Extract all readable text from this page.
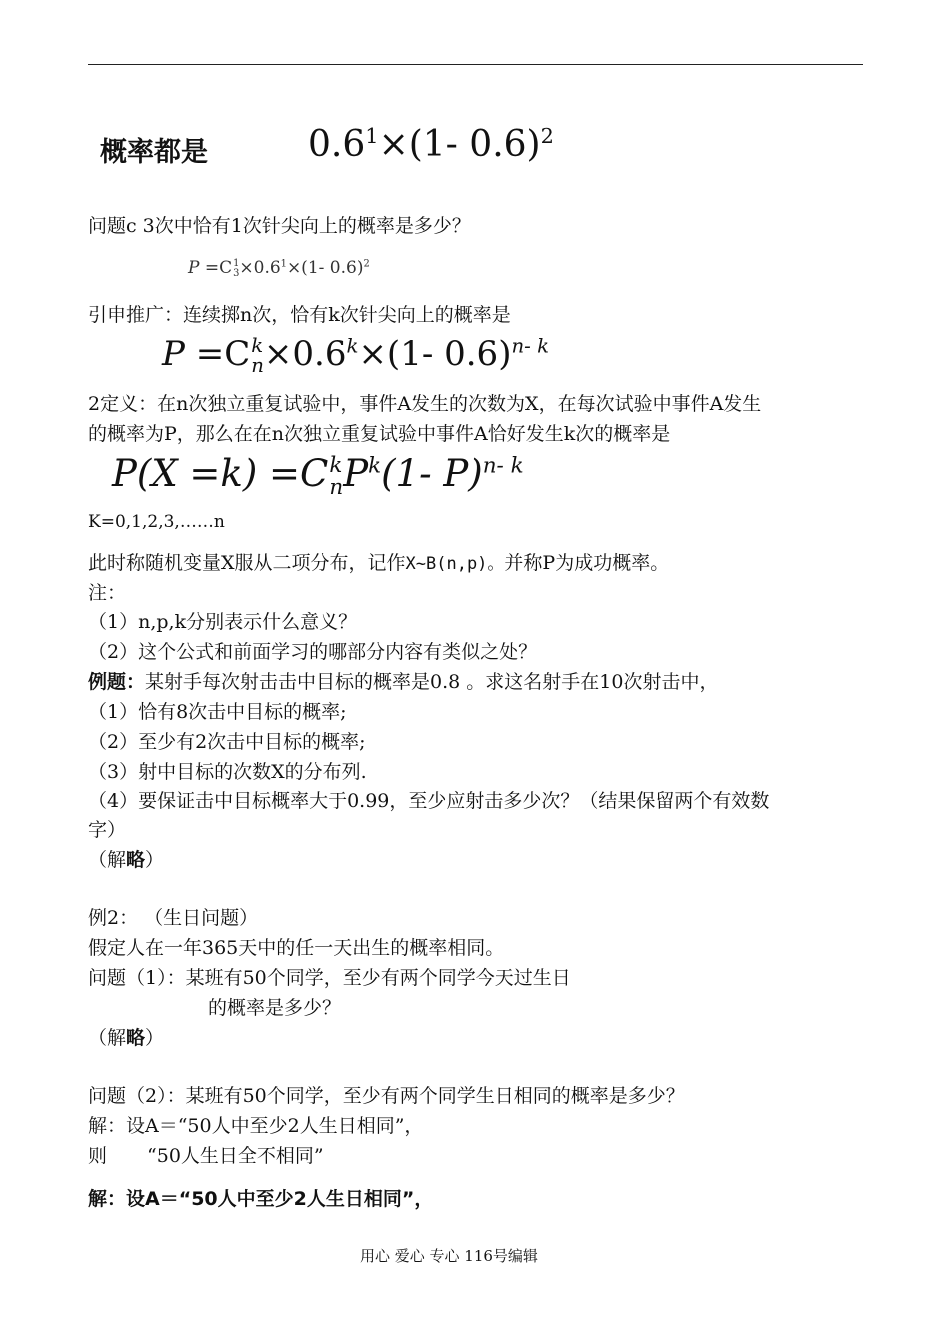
概率都是	$0.6^1\times(1-$ 0.6)$^2$
问题c 3次中恰有1次针尖向上的概率是多少？
P =C 1
$3 \times 0.6^1\times(1-$ 0.6)$^2$
引申推广：连续掷n次，恰有k次针尖向上的概率是
P =C k
$n \times 0.6^k\times(1-$ 0.6)$^{n- k}$
2定义：在n次独立重复试验中，事件A发生的次数为X，在每次试验中事件A发生
的概率为P，那么在在n次独立重复试验中事件A恰好发生k次的概率是
P(X =k) =C k
n $P^k(1-$ P)$^{n- k}$
K=0,1,2,3,……n
此时称随机变量X服从二项分布，记作X~B(n,p)。并称P为成功概率。
注：
（1）n,p,k分别表示什么意义？
（2）这个公式和前面学习的哪部分内容有类似之处？
例题：某射手每次射击击中目标的概率是0.8 。求这名射手在10次射击中，
（1）恰有8次击中目标的概率;
（2）至少有2次击中目标的概率;
（3）射中目标的次数X的分布列.
（4）要保证击中目标概率大于0.99，至少应射击多少次？（结果保留两个有效数
字）
（解略）
例2： （生日问题）
假定人在一年365天中的任一天出生的概率相同。
问题（1）：某班有50个同学，至少有两个同学今天过生日
的概率是多少？
（解略）
问题（2）：某班有50个同学，至少有两个同学生日相同的概率是多少？
解：设A＝“50人中至少2人生日相同”，
则 “50人生日全不相同”
解：设A＝“50人中至少2人生日相同”，
用心 爱心 专心 116号编辑
